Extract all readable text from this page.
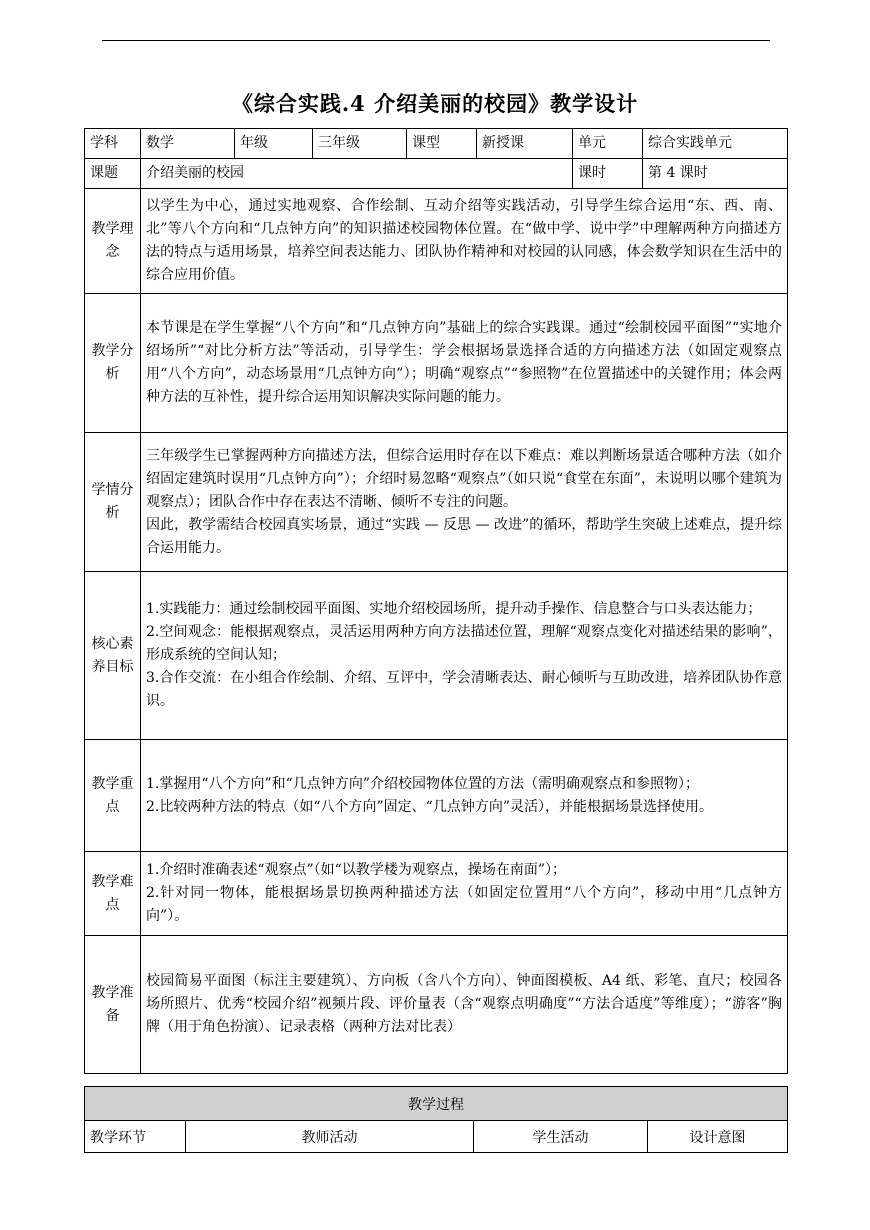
《综合实践.4 介绍美丽的校园》教学设计
学科	数学	年级	三年级	课型	新授课	单元	综合实践单元
课题	介绍美丽的校园					课时	第 4 课时
教学理念	以学生为中心，通过实地观察、合作绘制、互动介绍等实践活动，引导学生综合运用“东、西、南、北”等八个方向和“几点钟方向”的知识描述校园物体位置。在“做中学、说中学”中理解两种方向描述方法的特点与适用场景，培养空间表达能力、团队协作精神和对校园的认同感，体会数学知识在生活中的综合应用价值。						

教学分析	本节课是在学生掌握“八个方向”和“几点钟方向”基础上的综合实践课。通过“绘制校园平面图”“实地介绍场所”“对比分析方法”等活动，引导学生：学会根据场景选择合适的方向描述方法（如固定观察点用“八个方向”，动态场景用“几点钟方向”）；明确“观察点”“参照物”在位置描述中的关键作用；体会两种方法的互补性，提升综合运用知识解决实际问题的能力。						

学情分析	三年级学生已掌握两种方向描述方法，但综合运用时存在以下难点：难以判断场景适合哪种方法（如介绍固定建筑时误用“几点钟方向”）；介绍时易忽略“观察点”（如只说“食堂在东面”，未说明以哪个建筑为观察点）；团队合作中存在表达不清晰、倾听不专注的问题。

因此，教学需结合校园真实场景，通过“实践 — 反思 — 改进”的循环，帮助学生突破上述难点，提升综合运用能力。						

核心素养目标	1.实践能力：通过绘制校园平面图、实地介绍校园场所，提升动手操作、信息整合与口头表达能力；

2.空间观念：能根据观察点，灵活运用两种方向方法描述位置，理解“观察点变化对描述结果的影响”，形成系统的空间认知；

3.合作交流：在小组合作绘制、介绍、互评中，学会清晰表达、耐心倾听与互助改进，培养团队协作意识。						

教学重点	1.掌握用“八个方向”和“几点钟方向”介绍校园物体位置的方法（需明确观察点和参照物）；

2.比较两种方法的特点（如“八个方向”固定、“几点钟方向”灵活），并能根据场景选择使用。						

教学难点	1.介绍时准确表述“观察点”（如“以教学楼为观察点，操场在南面”）；

2.针对同一物体，能根据场景切换两种描述方法（如固定位置用“八个方向”，移动中用“几点钟方向”）。						

教学准备	校园简易平面图（标注主要建筑）、方向板（含八个方向）、钟面图模板、A4 纸、彩笔、直尺；校园各场所照片、优秀“校园介绍”视频片段、评价量表（含“观察点明确度”“方法合适度”等维度）；“游客”胸牌（用于角色扮演）、记录表格（两种方法对比表）						

教学过程
教学环节	教师活动	学生活动	设计意图
